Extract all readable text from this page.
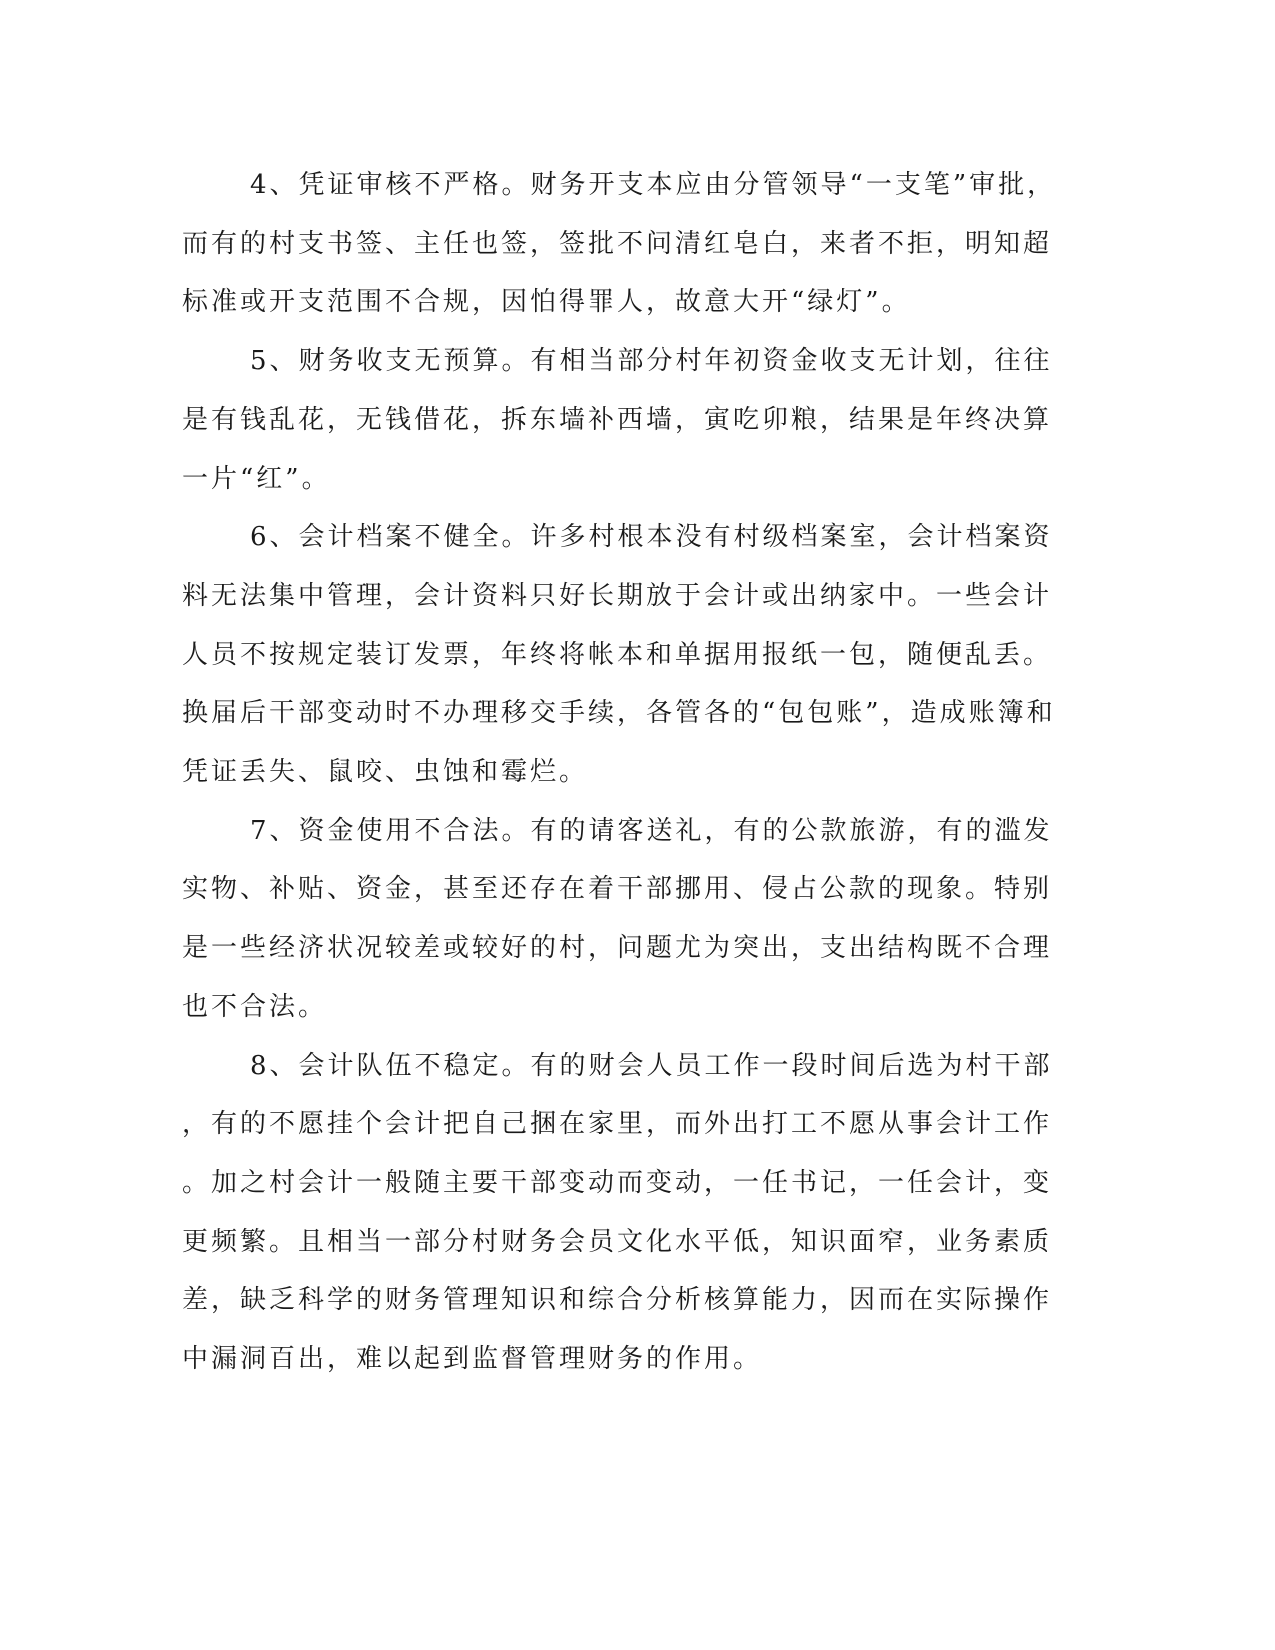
4、凭证审核不严格。财务开支本应由分管领导“一支笔”审批，
而有的村支书签、主任也签，签批不问清红皂白，来者不拒，明知超
标准或开支范围不合规，因怕得罪人，故意大开“绿灯”。

5、财务收支无预算。有相当部分村年初资金收支无计划，往往
是有钱乱花，无钱借花，拆东墙补西墙，寅吃卯粮，结果是年终决算
一片“红”。

6、会计档案不健全。许多村根本没有村级档案室，会计档案资
料无法集中管理，会计资料只好长期放于会计或出纳家中。一些会计
人员不按规定装订发票，年终将帐本和单据用报纸一包，随便乱丢。
换届后干部变动时不办理移交手续，各管各的“包包账”，造成账簿和
凭证丢失、鼠咬、虫蚀和霉烂。

7、资金使用不合法。有的请客送礼，有的公款旅游，有的滥发
实物、补贴、资金，甚至还存在着干部挪用、侵占公款的现象。特别
是一些经济状况较差或较好的村，问题尤为突出，支出结构既不合理
也不合法。

8、会计队伍不稳定。有的财会人员工作一段时间后选为村干部
，有的不愿挂个会计把自己捆在家里，而外出打工不愿从事会计工作
。加之村会计一般随主要干部变动而变动，一任书记，一任会计，变
更频繁。且相当一部分村财务会员文化水平低，知识面窄，业务素质
差，缺乏科学的财务管理知识和综合分析核算能力，因而在实际操作
中漏洞百出，难以起到监督管理财务的作用。
